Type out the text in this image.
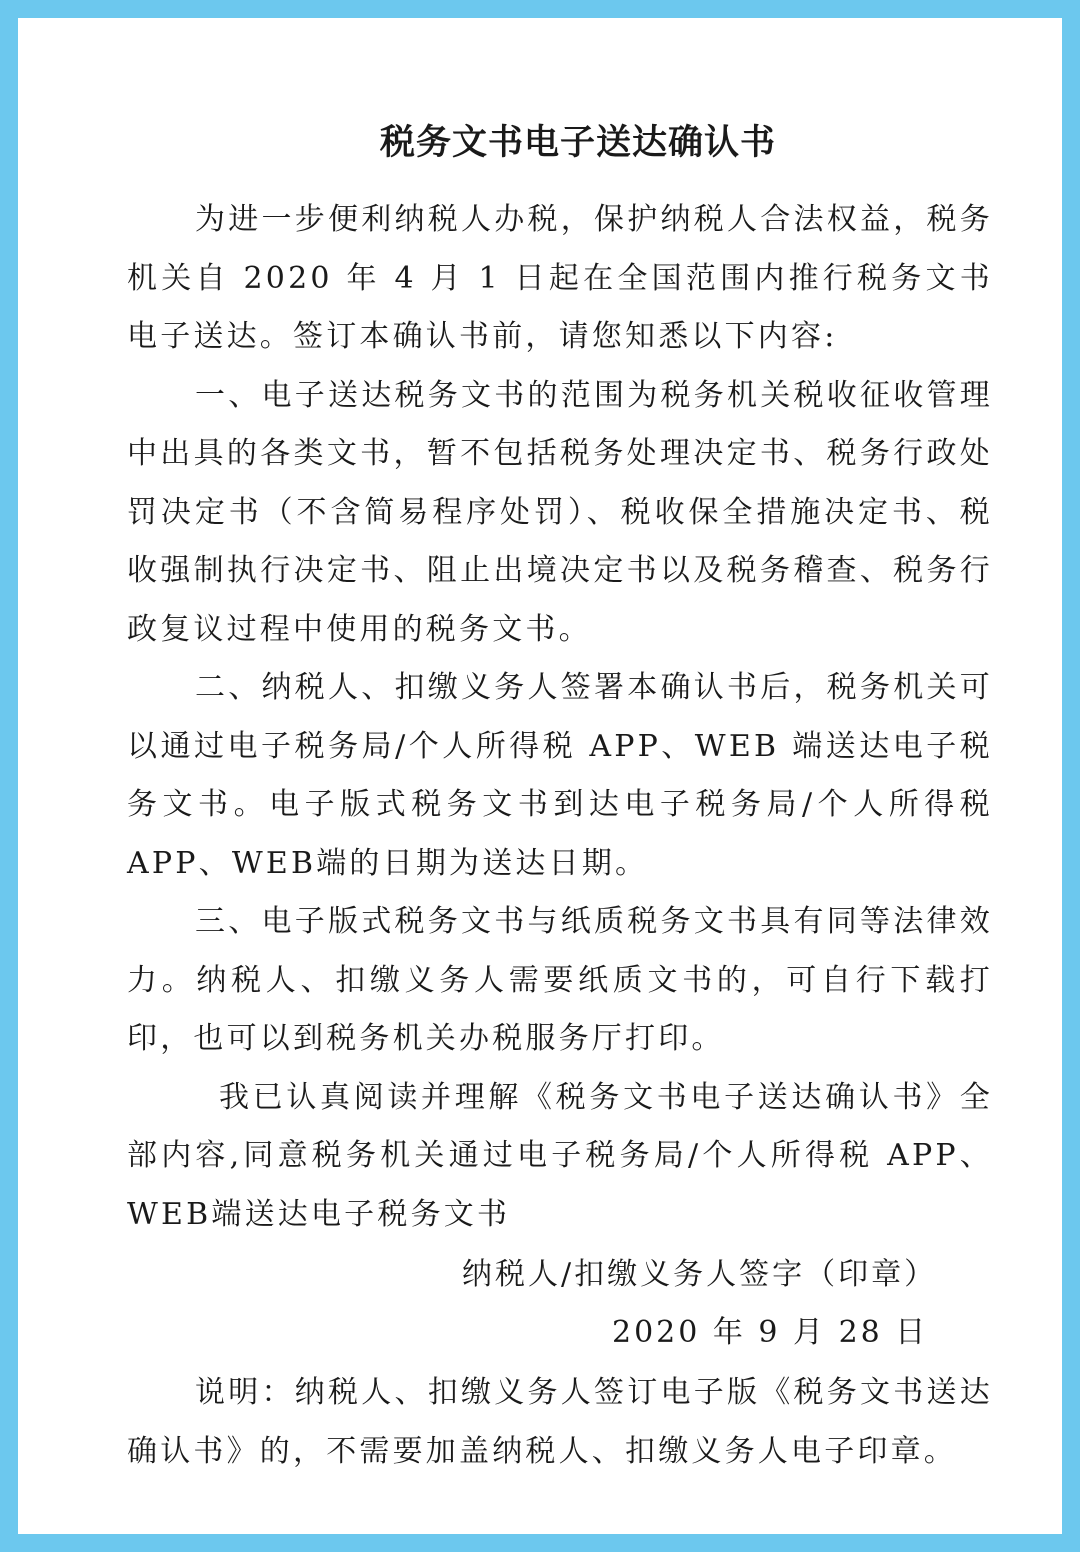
税务文书电子送达确认书

为进一步便利纳税人办税，保护纳税人合法权益，税务机关自 2020 年 4 月 1 日起在全国范围内推行税务文书电子送达。签订本确认书前，请您知悉以下内容:

一、电子送达税务文书的范围为税务机关税收征收管理中出具的各类文书，暂不包括税务处理决定书、税务行政处罚决定书（不含简易程序处罚）、税收保全措施决定书、税收强制执行决定书、阻止出境决定书以及税务稽查、税务行政复议过程中使用的税务文书。

二、纳税人、扣缴义务人签署本确认书后，税务机关可以通过电子税务局/个人所得税 APP、WEB 端送达电子税务文书。电子版式税务文书到达电子税务局/个人所得税 APP、WEB端的日期为送达日期。

三、电子版式税务文书与纸质税务文书具有同等法律效力。纳税人、扣缴义务人需要纸质文书的，可自行下载打印，也可以到税务机关办税服务厅打印。

我已认真阅读并理解《税务文书电子送达确认书》全部内容,同意税务机关通过电子税务局/个人所得税 APP、WEB端送达电子税务文书

纳税人/扣缴义务人签字（印章）
2020 年 9 月 28 日

说明：纳税人、扣缴义务人签订电子版《税务文书送达确认书》的，不需要加盖纳税人、扣缴义务人电子印章。
